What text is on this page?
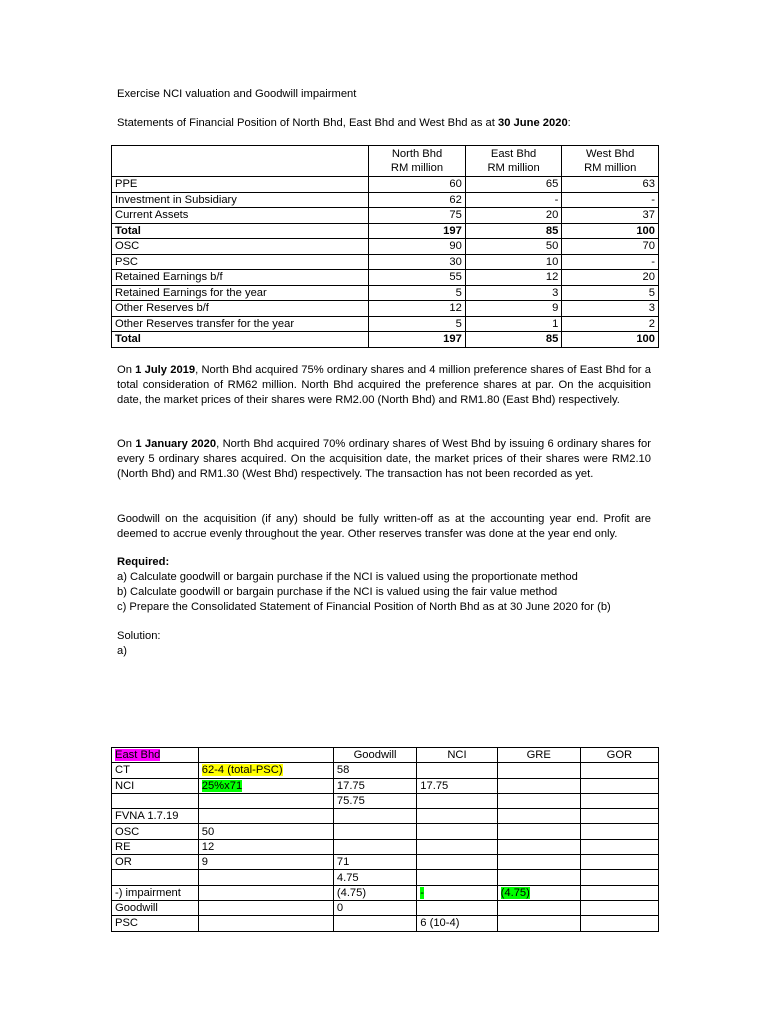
Exercise NCI valuation and Goodwill impairment
Statements of Financial Position of North Bhd, East Bhd and West Bhd as at 30 June 2020:
	North Bhd
RM million	East Bhd
RM million	West Bhd
RM million
PPE	60	65	63
Investment in Subsidiary	62	-	-
Current Assets	75	20	37
Total	197	85	100
OSC	90	50	70
PSC	30	10	-
Retained Earnings b/f	55	12	20
Retained Earnings for the year	5	3	5
Other Reserves b/f	12	9	3
Other Reserves transfer for the year	5	1	2
Total	197	85	100

On 1 July 2019, North Bhd acquired 75% ordinary shares and 4 million preference shares of East Bhd for a total consideration of RM62 million. North Bhd acquired the preference shares at par. On the acquisition date, the market prices of their shares were RM2.00 (North Bhd) and RM1.80 (East Bhd) respectively.

On 1 January 2020, North Bhd acquired 70% ordinary shares of West Bhd by issuing 6 ordinary shares for every 5 ordinary shares acquired. On the acquisition date, the market prices of their shares were RM2.10 (North Bhd) and RM1.30 (West Bhd) respectively. The transaction has not been recorded as yet.

Goodwill on the acquisition (if any) should be fully written-off as at the accounting year end. Profit are deemed to accrue evenly throughout the year. Other reserves transfer was done at the year end only.

Required:
a) Calculate goodwill or bargain purchase if the NCI is valued using the proportionate method
b) Calculate goodwill or bargain purchase if the NCI is valued using the fair value method
c) Prepare the Consolidated Statement of Financial Position of North Bhd as at 30 June 2020 for (b)
Solution:
a)
East Bhd		Goodwill	NCI	GRE	GOR
CT	62-4 (total-PSC)	58			
NCI	25%x71	17.75	17.75		
		75.75			
FVNA 1.7.19					
OSC	50				
RE	12				
OR	9	71			
		4.75			
-) impairment		(4.75)	-	(4.75)	
Goodwill		0			
PSC			6 (10-4)		
